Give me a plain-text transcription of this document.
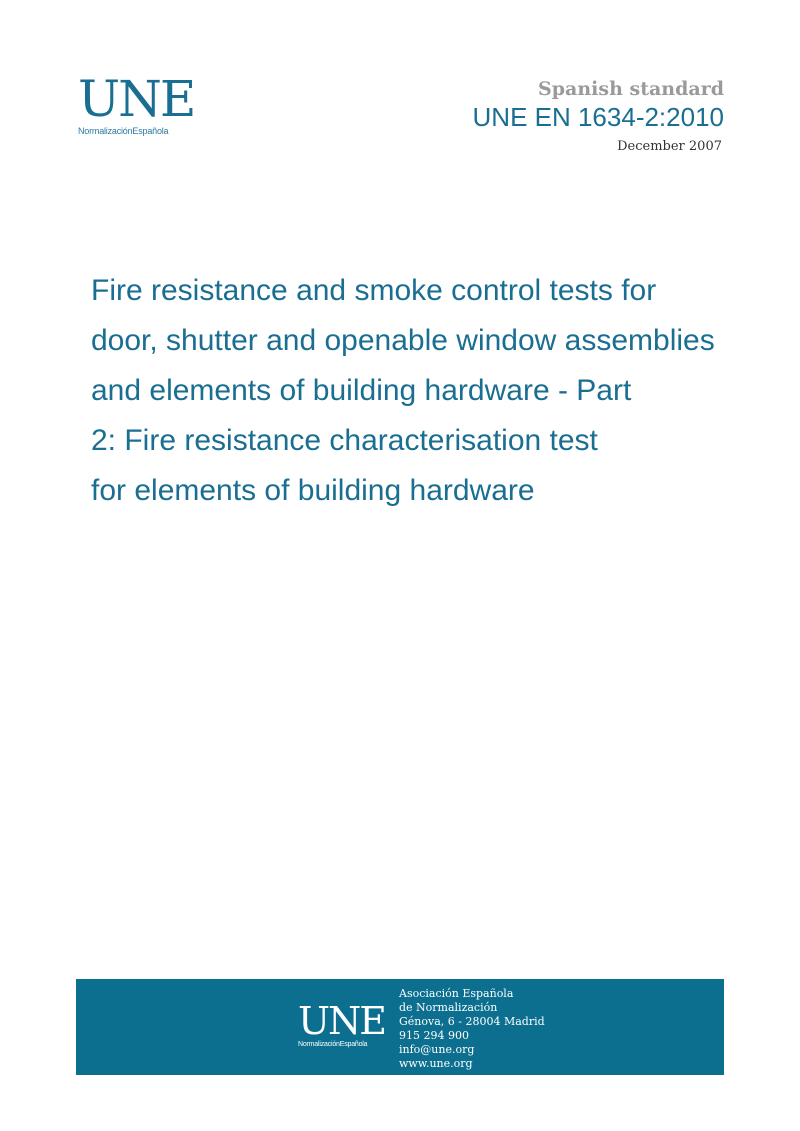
UNE
NormalizaciónEspañola
Spanish standard
UNE EN 1634-2:2010
December 2007
Fire resistance and smoke control tests for
door, shutter and openable window assemblies
and elements of building hardware - Part
2: Fire resistance characterisation test
for elements of building hardware
UNE
NormalizaciónEspañola
Asociación Española
de Normalización
Génova, 6 - 28004 Madrid
915 294 900
info@une.org
www.une.org
